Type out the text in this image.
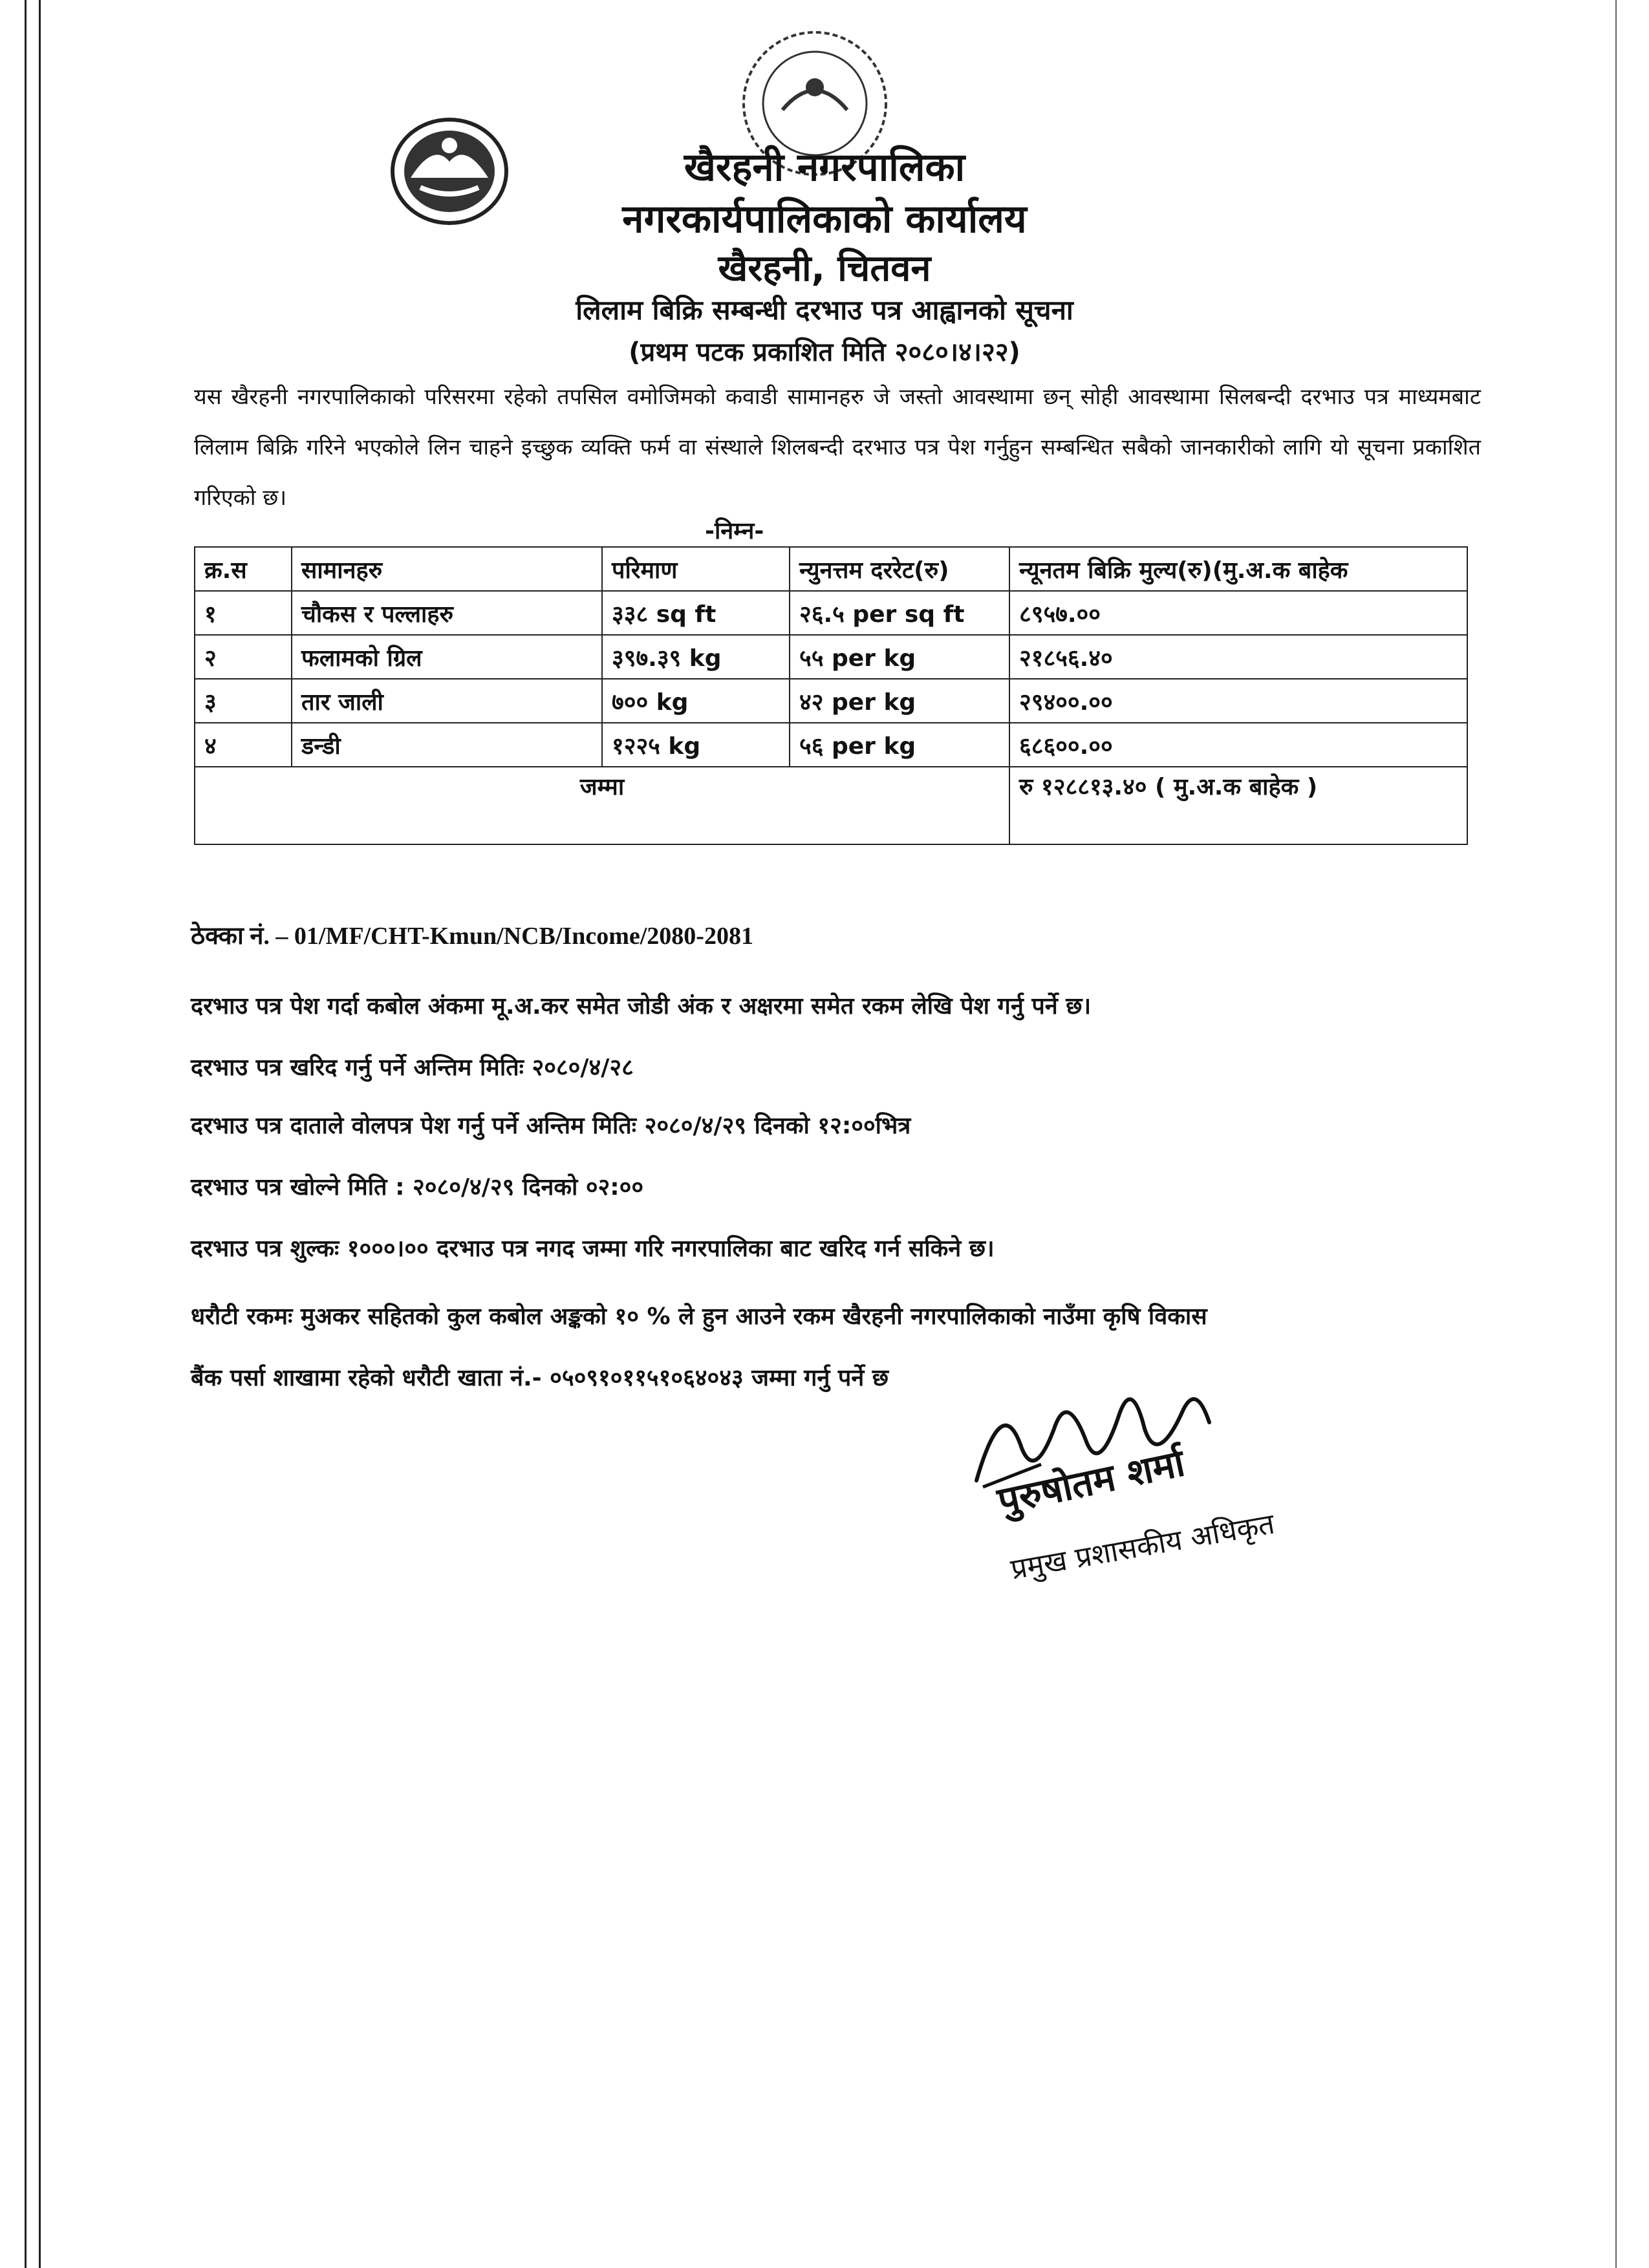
खैरहनी नगरपालिका
नगरकार्यपालिकाको कार्यालय
खैरहनी, चितवन
लिलाम बिक्रि सम्बन्धी दरभाउ पत्र आह्वानको सूचना
(प्रथम पटक प्रकाशित मिति २०८०।४।२२)
यस खैरहनी नगरपालिकाको परिसरमा रहेको तपसिल वमोजिमको कवाडी सामानहरु जे जस्तो आवस्थामा छन् सोही आवस्थामा सिलबन्दी दरभाउ पत्र माध्यमबाट लिलाम बिक्रि गरिने भएकोले लिन चाहने इच्छुक व्यक्ति फर्म वा संस्थाले शिलबन्दी दरभाउ पत्र पेश गर्नुहुन सम्बन्धित सबैको जानकारीको लागि यो सूचना प्रकाशित गरिएको छ।
-निम्न-
क्र.स	सामानहरु	परिमाण	न्युनत्तम दररेट(रु)	न्यूनतम बिक्रि मुल्य(रु)(मु.अ.क बाहेक
१	चौकस र पल्लाहरु	३३८ sq ft	२६.५ per sq ft	८९५७.००
२	फलामको ग्रिल	३९७.३९ kg	५५ per kg	२१८५६.४०
३	तार जाली	७०० kg	४२ per kg	२९४००.००
४	डन्डी	१२२५ kg	५६ per kg	६८६००.००
जम्मा				रु १२८८१३.४० ( मु.अ.क बाहेक )
ठेक्का नं. – 01/MF/CHT-Kmun/NCB/Income/2080-2081
दरभाउ पत्र पेश गर्दा कबोल अंकमा मू.अ.कर समेत जोडी अंक र अक्षरमा समेत रकम लेखि पेश गर्नु पर्ने छ।
दरभाउ पत्र खरिद गर्नु पर्ने अन्तिम मितिः २०८०/४/२८
दरभाउ पत्र दाताले वोलपत्र पेश गर्नु पर्ने अन्तिम मितिः २०८०/४/२९ दिनको १२:००भित्र
दरभाउ पत्र खोल्ने मिति : २०८०/४/२९ दिनको ०२:००
दरभाउ पत्र शुल्कः १०००।०० दरभाउ पत्र नगद जम्मा गरि नगरपालिका बाट खरिद गर्न सकिने छ।
धरौटी रकमः मुअकर सहितको कुल कबोल अङ्कको १० % ले हुन आउने रकम खैरहनी नगरपालिकाको नाउँमा कृषि विकास
बैंक पर्सा शाखामा रहेको धरौटी खाता नं.- ०५०९१०११५१०६४०४३ जम्मा गर्नु पर्ने छ
पुरुषोतम शर्मा
प्रमुख प्रशासकीय अधिकृत
